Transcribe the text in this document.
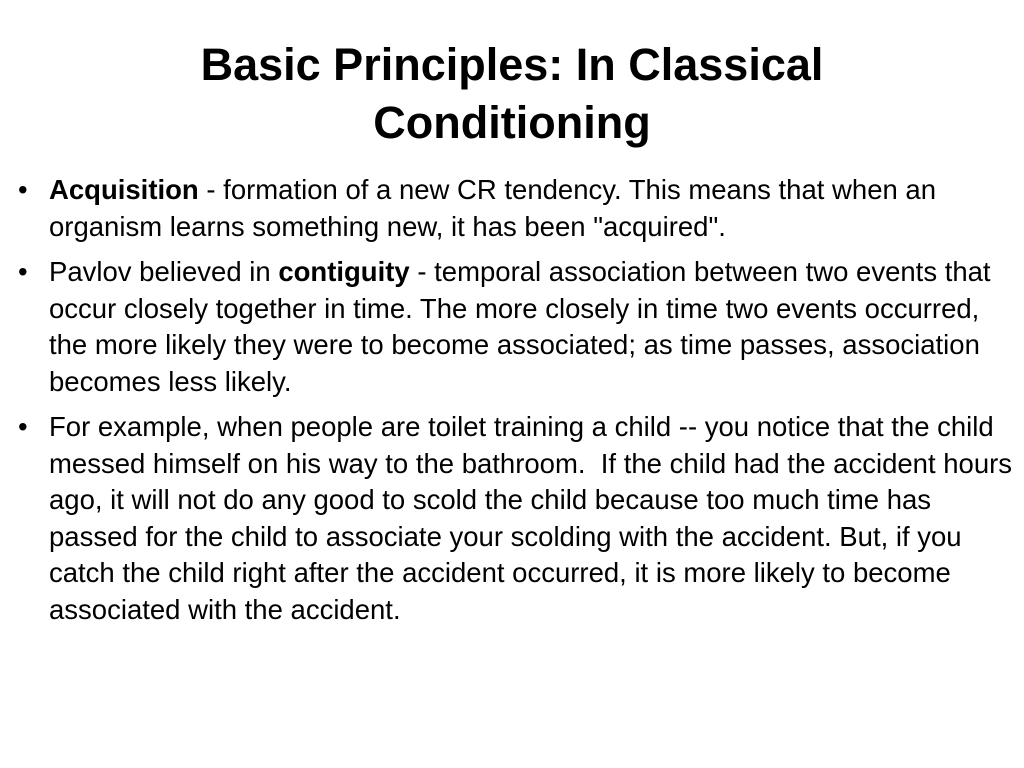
Basic Principles: In Classical
Conditioning
• Acquisition - formation of a new CR tendency. This means that when an organism learns something new, it has been "acquired".
• Pavlov believed in contiguity - temporal association between two events that occur closely together in time. The more closely in time two events occurred, the more likely they were to become associated; as time passes, association becomes less likely.
• For example, when people are toilet training a child -- you notice that the child messed himself on his way to the bathroom.  If the child had the accident hours ago, it will not do any good to scold the child because too much time has passed for the child to associate your scolding with the accident. But, if you catch the child right after the accident occurred, it is more likely to become associated with the accident.
